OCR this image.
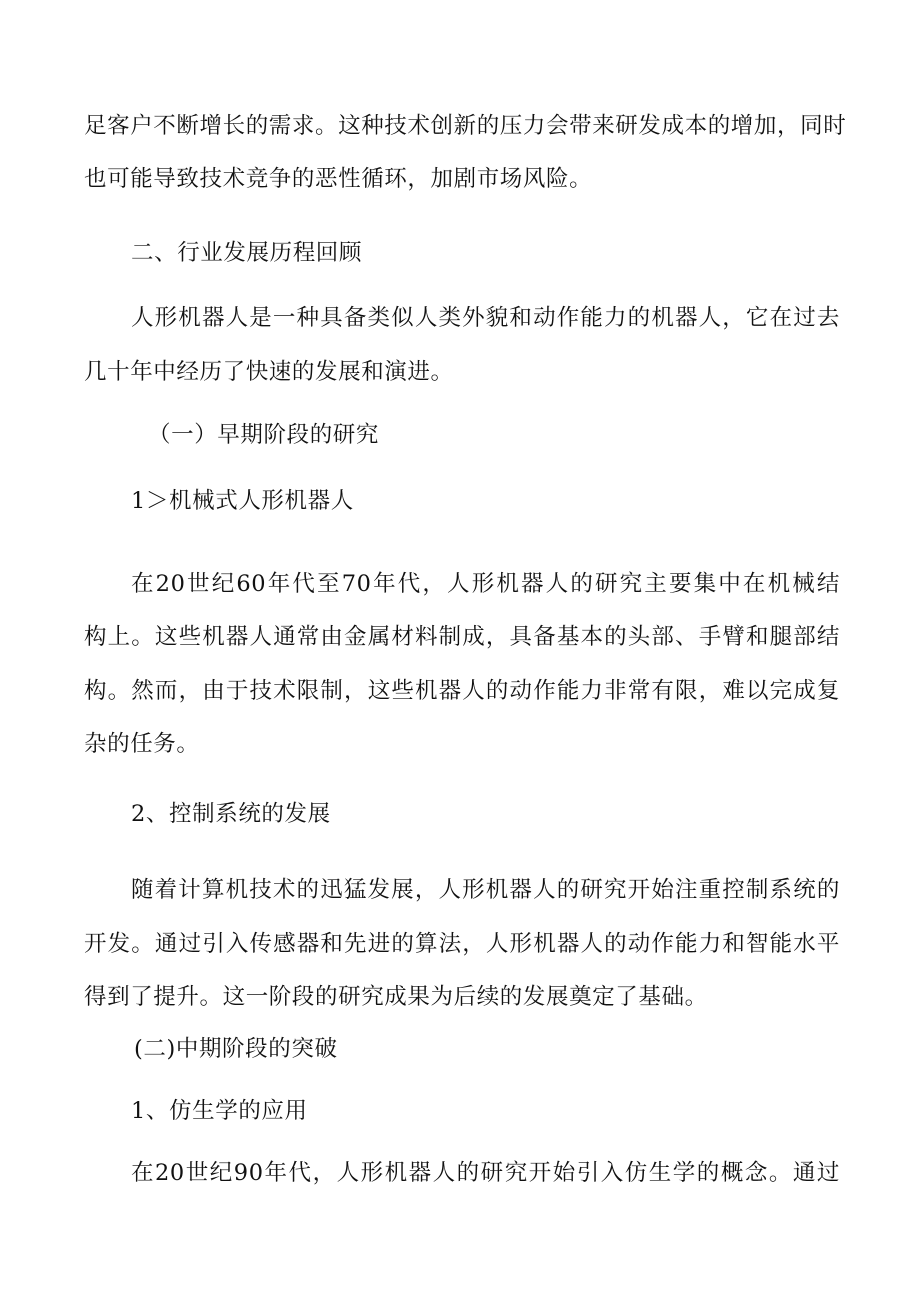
足客户不断增长的需求。这种技术创新的压力会带来研发成本的增加，同时
也可能导致技术竞争的恶性循环，加剧市场风险。
二、行业发展历程回顾
人形机器人是一种具备类似人类外貌和动作能力的机器人，它在过去
几十年中经历了快速的发展和演进。
（一）早期阶段的研究
1＞机械式人形机器人
在20世纪60年代至70年代，人形机器人的研究主要集中在机械结
构上。这些机器人通常由金属材料制成，具备基本的头部、手臂和腿部结
构。然而，由于技术限制，这些机器人的动作能力非常有限，难以完成复
杂的任务。
2、控制系统的发展
随着计算机技术的迅猛发展，人形机器人的研究开始注重控制系统的
开发。通过引入传感器和先进的算法，人形机器人的动作能力和智能水平
得到了提升。这一阶段的研究成果为后续的发展奠定了基础。
(二)中期阶段的突破
1、仿生学的应用
在20世纪90年代，人形机器人的研究开始引入仿生学的概念。通过
